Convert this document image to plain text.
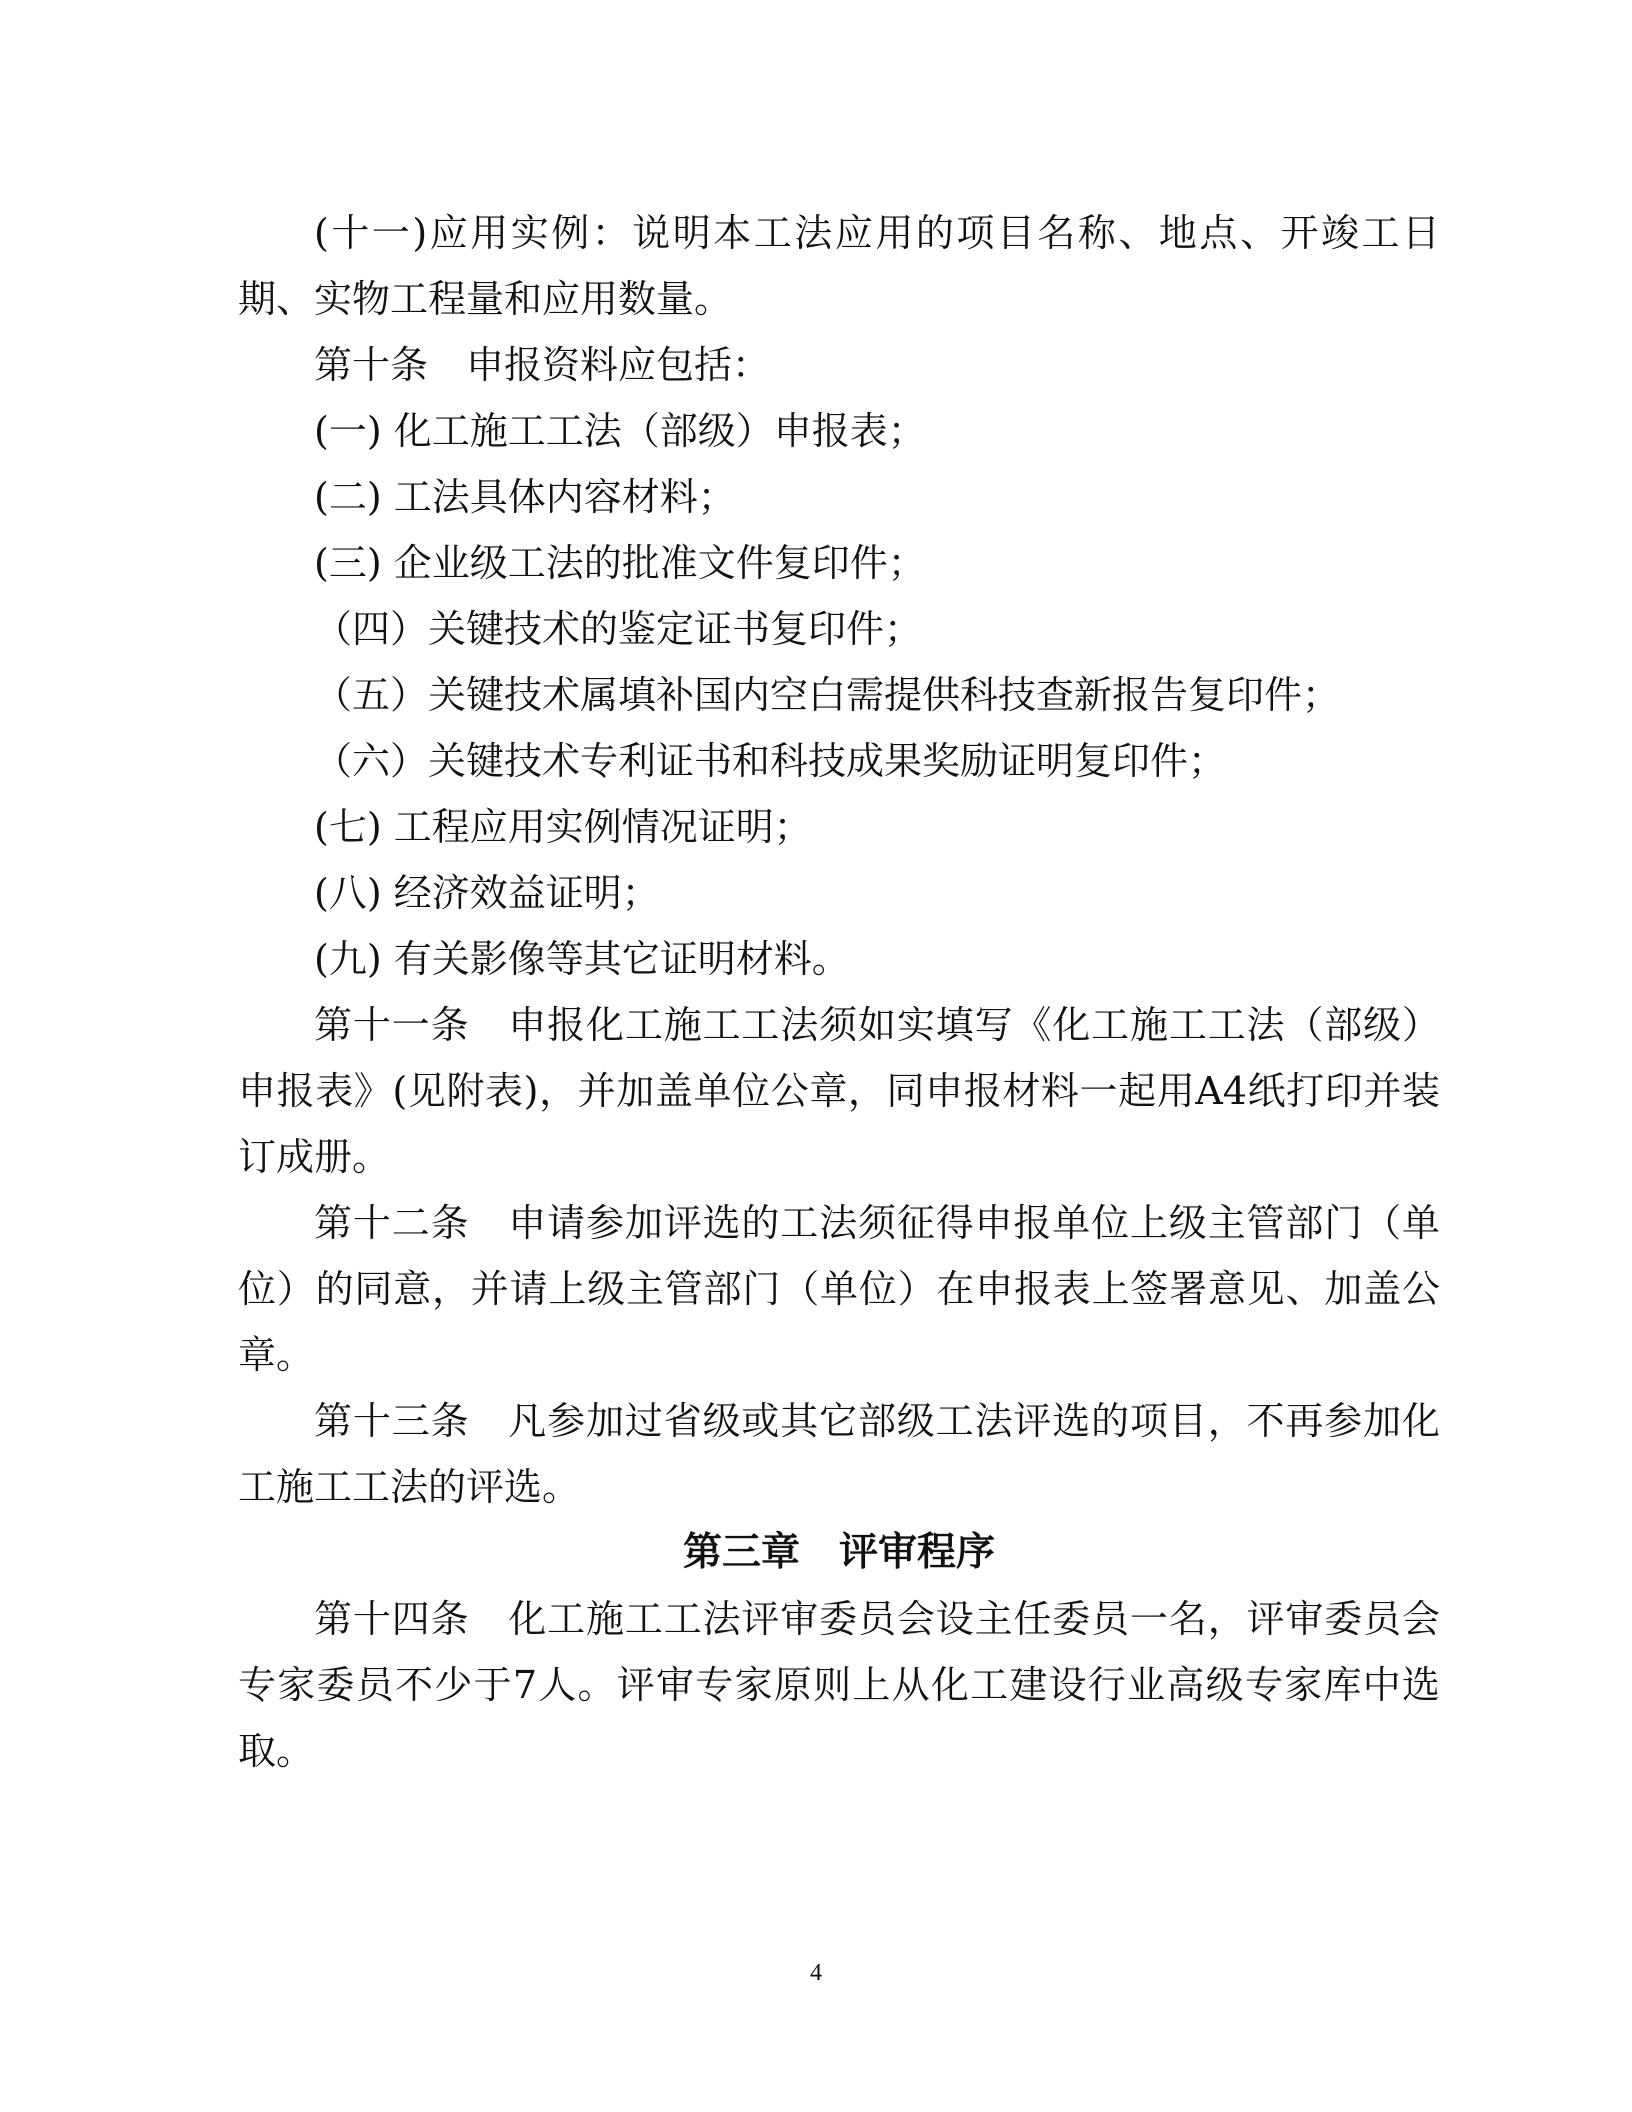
(十一)应用实例：说明本工法应用的项目名称、地点、开竣工日期、实物工程量和应用数量。

第十条　申报资料应包括：

(一) 化工施工工法（部级）申报表；

(二) 工法具体内容材料；

(三) 企业级工法的批准文件复印件；

（四）关键技术的鉴定证书复印件；

（五）关键技术属填补国内空白需提供科技查新报告复印件；

（六）关键技术专利证书和科技成果奖励证明复印件；

(七) 工程应用实例情况证明；

(八) 经济效益证明；

(九) 有关影像等其它证明材料。

第十一条　申报化工施工工法须如实填写《化工施工工法（部级）申报表》(见附表)，并加盖单位公章，同申报材料一起用A4纸打印并装订成册。

第十二条　申请参加评选的工法须征得申报单位上级主管部门（单位）的同意，并请上级主管部门（单位）在申报表上签署意见、加盖公章。

第十三条　凡参加过省级或其它部级工法评选的项目，不再参加化工施工工法的评选。

第三章　评审程序

第十四条　化工施工工法评审委员会设主任委员一名，评审委员会专家委员不少于7人。评审专家原则上从化工建设行业高级专家库中选取。

4
